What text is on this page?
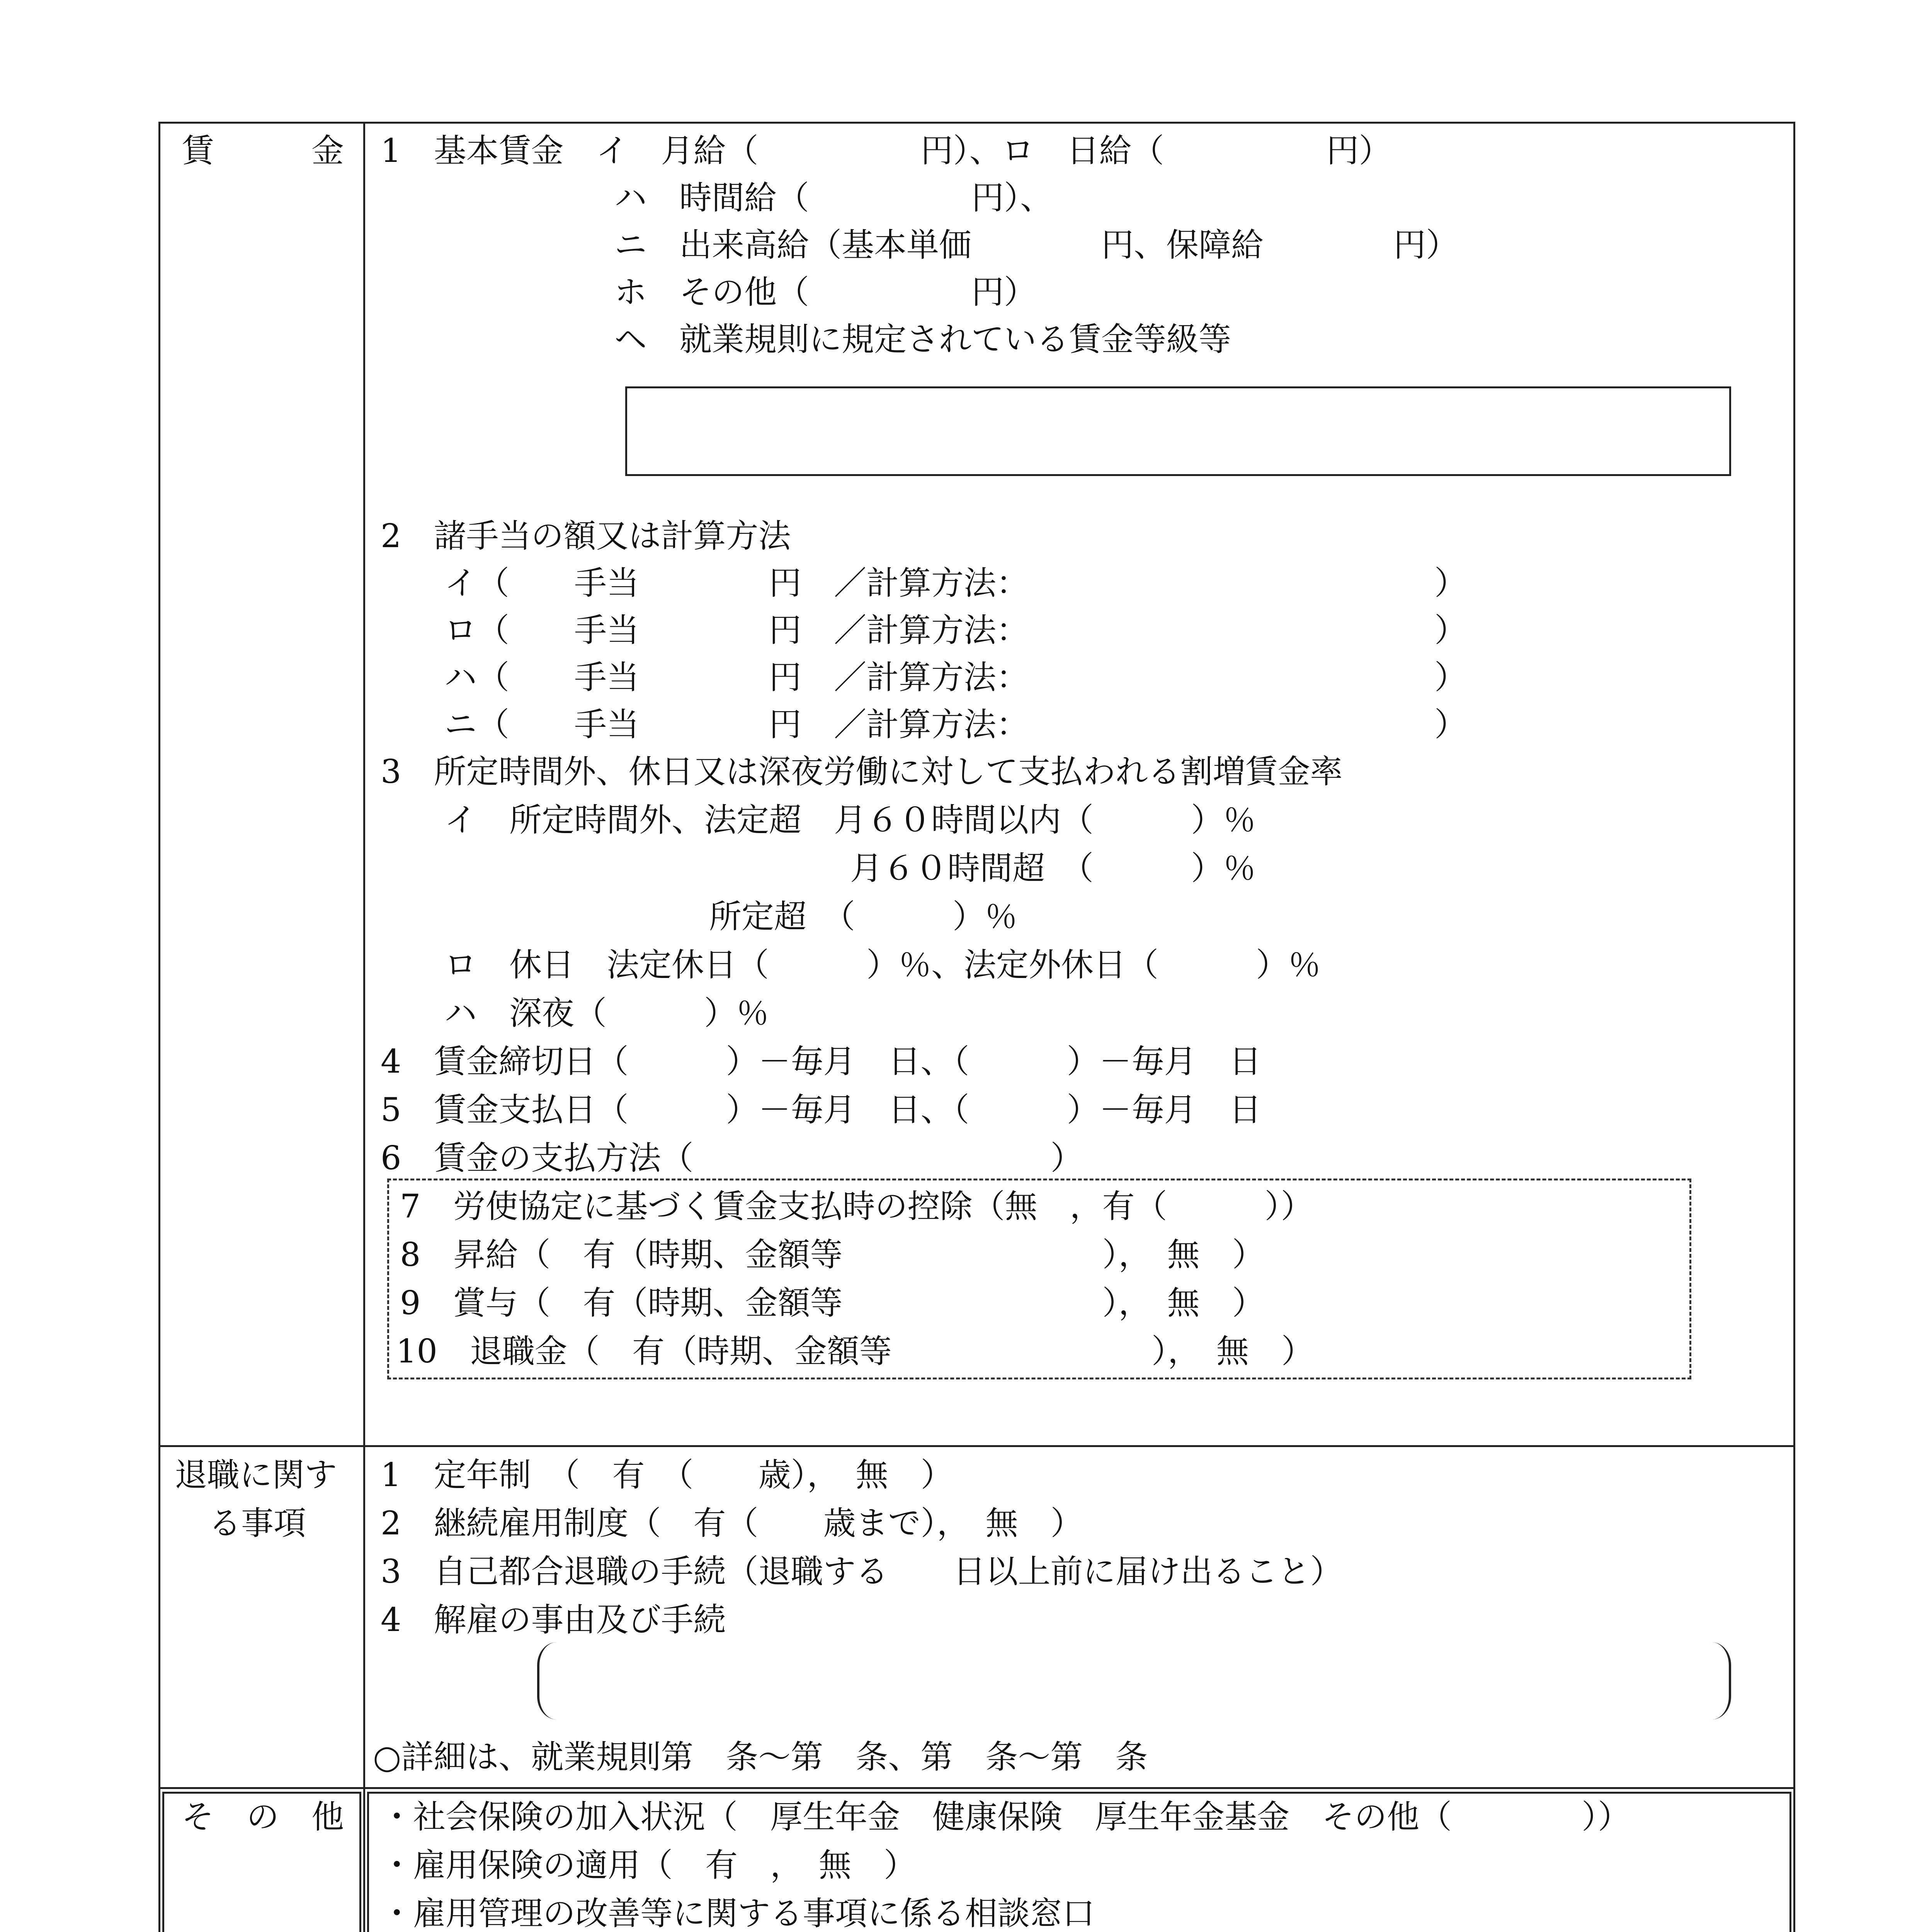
賃　　　金 1　基本賃金　イ　月給（　　　　　円）、ロ　日給（　　　　　円）
ハ　時間給（　　　　　円）、
ニ　出来高給（基本単価　　　　円、保障給　　　　円）
ホ　その他（　　　　　円）
ヘ　就業規則に規定されている賃金等級等
2　諸手当の額又は計算方法
イ（　　手当　　　　円　／計算方法：　　　　　　　　　　　　　）
ロ（　　手当　　　　円　／計算方法：　　　　　　　　　　　　　）
ハ（　　手当　　　　円　／計算方法：　　　　　　　　　　　　　）
ニ（　　手当　　　　円　／計算方法：　　　　　　　　　　　　　）
3　所定時間外、休日又は深夜労働に対して支払われる割増賃金率
イ　所定時間外、法定超　月６０時間以内（　　　）％
月６０時間超　（　　　）％
所定超　（　　　）％
ロ　休日　法定休日（　　　）％、法定外休日（　　　）％
ハ　深夜（　　　）％
4　賃金締切日（　　　）－毎月　日、（　　　）－毎月　日
5　賃金支払日（　　　）－毎月　日、（　　　）－毎月　日
6　賃金の支払方法（　　　　　　　　　　　）
7　労使協定に基づく賃金支払時の控除（無　，有（　　　））
8　昇給（　有（時期、金額等　　　　　　　　），　無　）
9　賞与（　有（時期、金額等　　　　　　　　），　無　）
10　退職金（　有（時期、金額等　　　　　　　　），　無　）
退職に関す
る事項
1　定年制　（　有　（　　歳），　無　）
2　継続雇用制度（　有（　　歳まで），　無　）
3　自己都合退職の手続（退職する　　日以上前に届け出ること）
4　解雇の事由及び手続
○詳細は、就業規則第　条～第　条、第　条～第　条
そ　の　他 ・社会保険の加入状況（　厚生年金　健康保険　厚生年金基金　その他（　　　　））
・雇用保険の適用（　有　，　無　）
・雇用管理の改善等に関する事項に係る相談窓口
